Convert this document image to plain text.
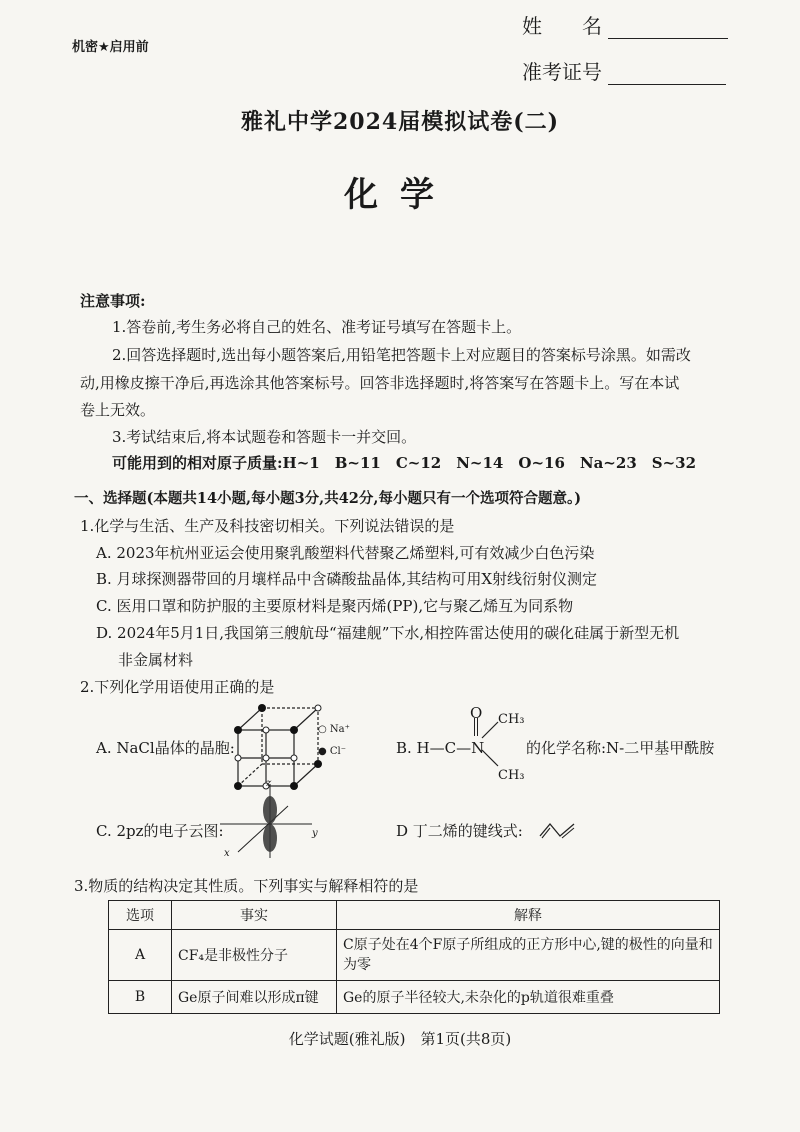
机密★启用前
姓　　名
准考证号
雅礼中学2024届模拟试卷(二)
化学
注意事项:
1.答卷前,考生务必将自己的姓名、准考证号填写在答题卡上。
2.回答选择题时,选出每小题答案后,用铅笔把答题卡上对应题目的答案标号涂黑。如需改
动,用橡皮擦干净后,再选涂其他答案标号。回答非选择题时,将答案写在答题卡上。写在本试
卷上无效。
3.考试结束后,将本试题卷和答题卡一并交回。
可能用到的相对原子质量:H~1　B~11　C~12　N~14　O~16　Na~23　S~32
一、选择题(本题共14小题,每小题3分,共42分,每小题只有一个选项符合题意。)
1.化学与生活、生产及科技密切相关。下列说法错误的是
A. 2023年杭州亚运会使用聚乳酸塑料代替聚乙烯塑料,可有效减少白色污染
B. 月球探测器带回的月壤样品中含磷酸盐晶体,其结构可用X射线衍射仪测定
C. 医用口罩和防护服的主要原材料是聚丙烯(PP),它与聚乙烯互为同系物
D. 2024年5月1日,我国第三艘航母“福建舰”下水,相控阵雷达使用的碳化硅属于新型无机
非金属材料
2.下列化学用语使用正确的是
A. NaCl晶体的晶胞:
○ Na⁺
● Cl⁻
O
B. H—C—N
CH₃
CH₃
的化学名称:N-二甲基甲酰胺
C. 2pz的电子云图:
z
y
x
D 丁二烯的键线式:
3.物质的结构决定其性质。下列事实与解释相符的是
选项	事实	解释
A	CF₄是非极性分子	C原子处在4个F原子所组成的正方形中心,键的极性的向量和为零
B	Ge原子间难以形成π键	Ge的原子半径较大,未杂化的p轨道很难重叠
化学试题(雅礼版)　第1页(共8页)
